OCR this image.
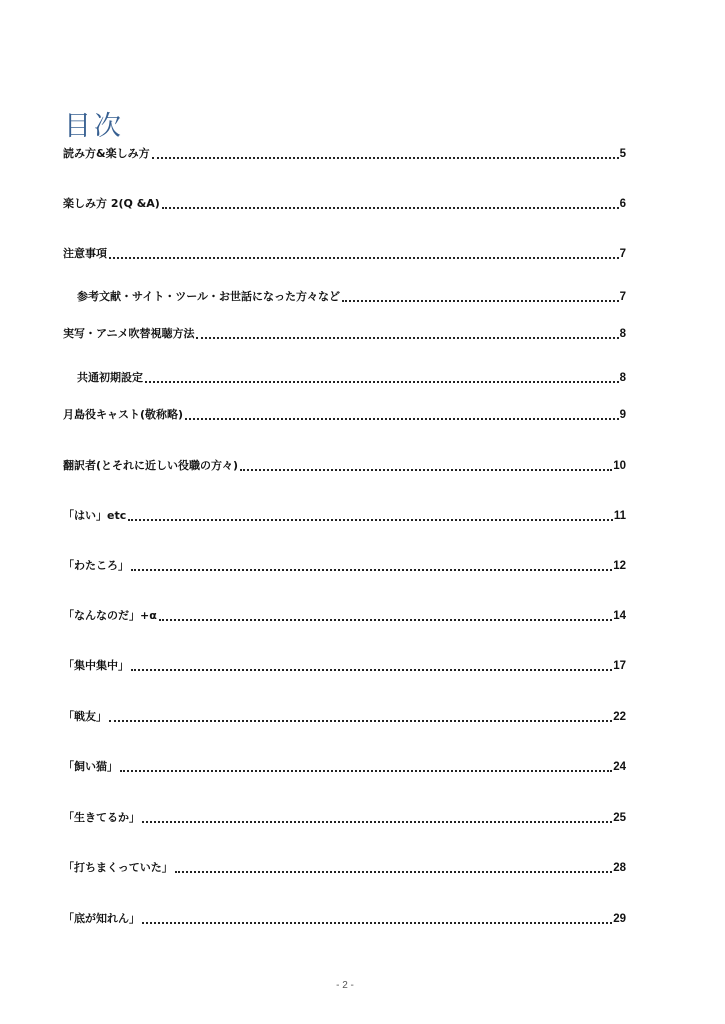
目次
読み方&楽しみ方	5
楽しみ方 2(Q &A)	6
注意事項	7
参考文献・サイト・ツール・お世話になった方々など	7
実写・アニメ吹替視聴方法	8
共通初期設定	8
月島役キャスト(敬称略)	9
翻訳者(とそれに近しい役職の方々)	10
「はい」etc	11
「わたころ」	12
「なんなのだ」+α	14
「集中集中」	17
「戦友」	22
「飼い猫」	24
「生きてるか」	25
「打ちまくっていた」	28
「底が知れん」	29
- 2 -
